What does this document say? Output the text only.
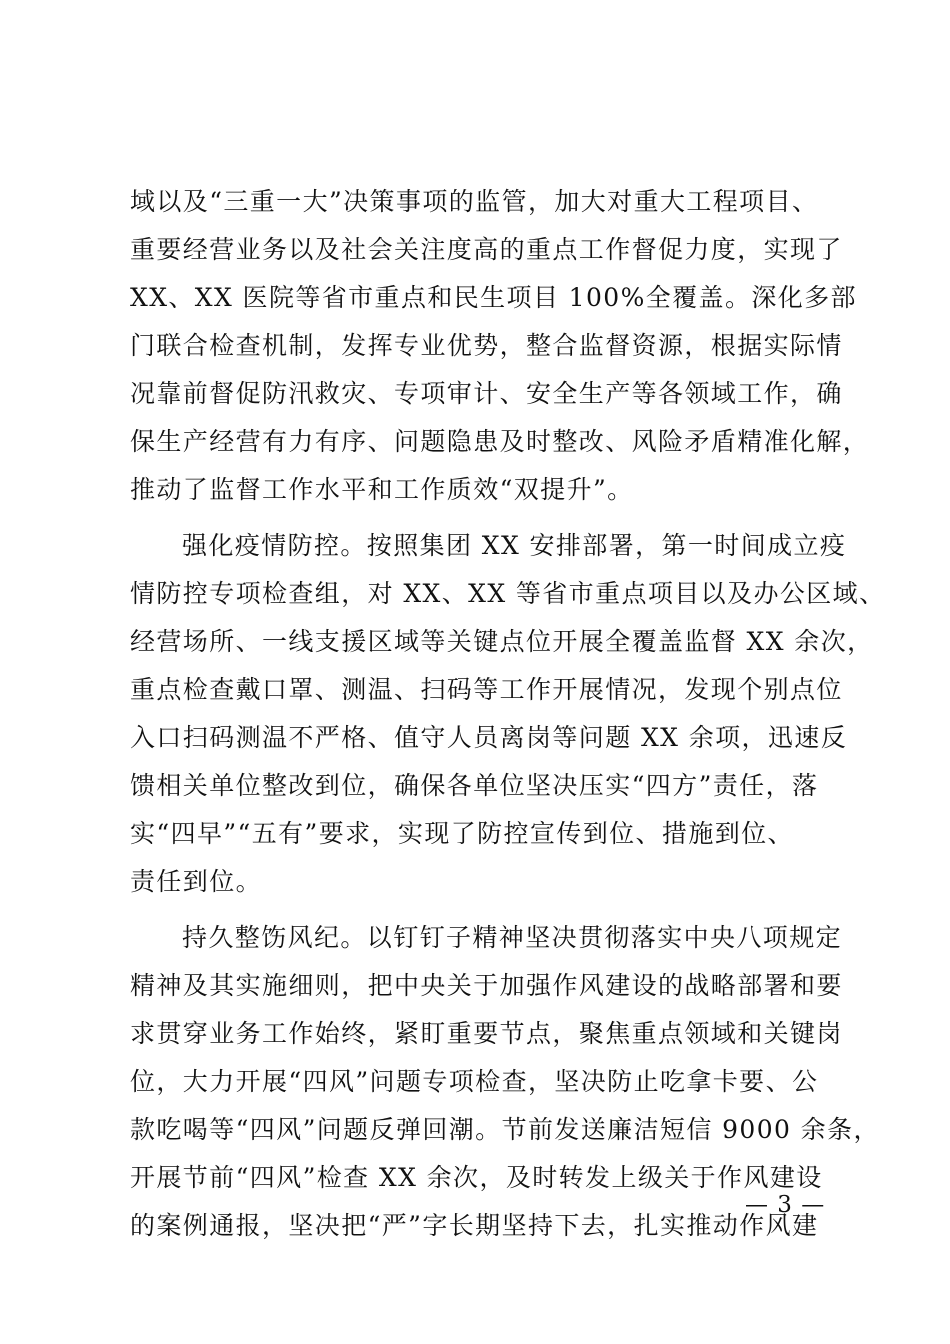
域以及“三重一大”决策事项的监管，加大对重大工程项目、
重要经营业务以及社会关注度高的重点工作督促力度，实现了
XX、XX 医院等省市重点和民生项目 100%全覆盖。深化多部
门联合检查机制，发挥专业优势，整合监督资源，根据实际情
况靠前督促防汛救灾、专项审计、安全生产等各领域工作，确
保生产经营有力有序、问题隐患及时整改、风险矛盾精准化解，
推动了监督工作水平和工作质效“双提升”。
强化疫情防控。按照集团 XX 安排部署，第一时间成立疫
情防控专项检查组，对 XX、XX 等省市重点项目以及办公区域、
经营场所、一线支援区域等关键点位开展全覆盖监督 XX 余次，
重点检查戴口罩、测温、扫码等工作开展情况，发现个别点位
入口扫码测温不严格、值守人员离岗等问题 XX 余项，迅速反
馈相关单位整改到位，确保各单位坚决压实“四方”责任，落
实“四早”“五有”要求，实现了防控宣传到位、措施到位、
责任到位。
持久整饬风纪。以钉钉子精神坚决贯彻落实中央八项规定
精神及其实施细则，把中央关于加强作风建设的战略部署和要
求贯穿业务工作始终，紧盯重要节点，聚焦重点领域和关键岗
位，大力开展“四风”问题专项检查，坚决防止吃拿卡要、公
款吃喝等“四风”问题反弹回潮。节前发送廉洁短信 9000 余条，
开展节前“四风”检查 XX 余次，及时转发上级关于作风建设
的案例通报，坚决把“严”字长期坚持下去，扎实推动作风建
— 3 —
